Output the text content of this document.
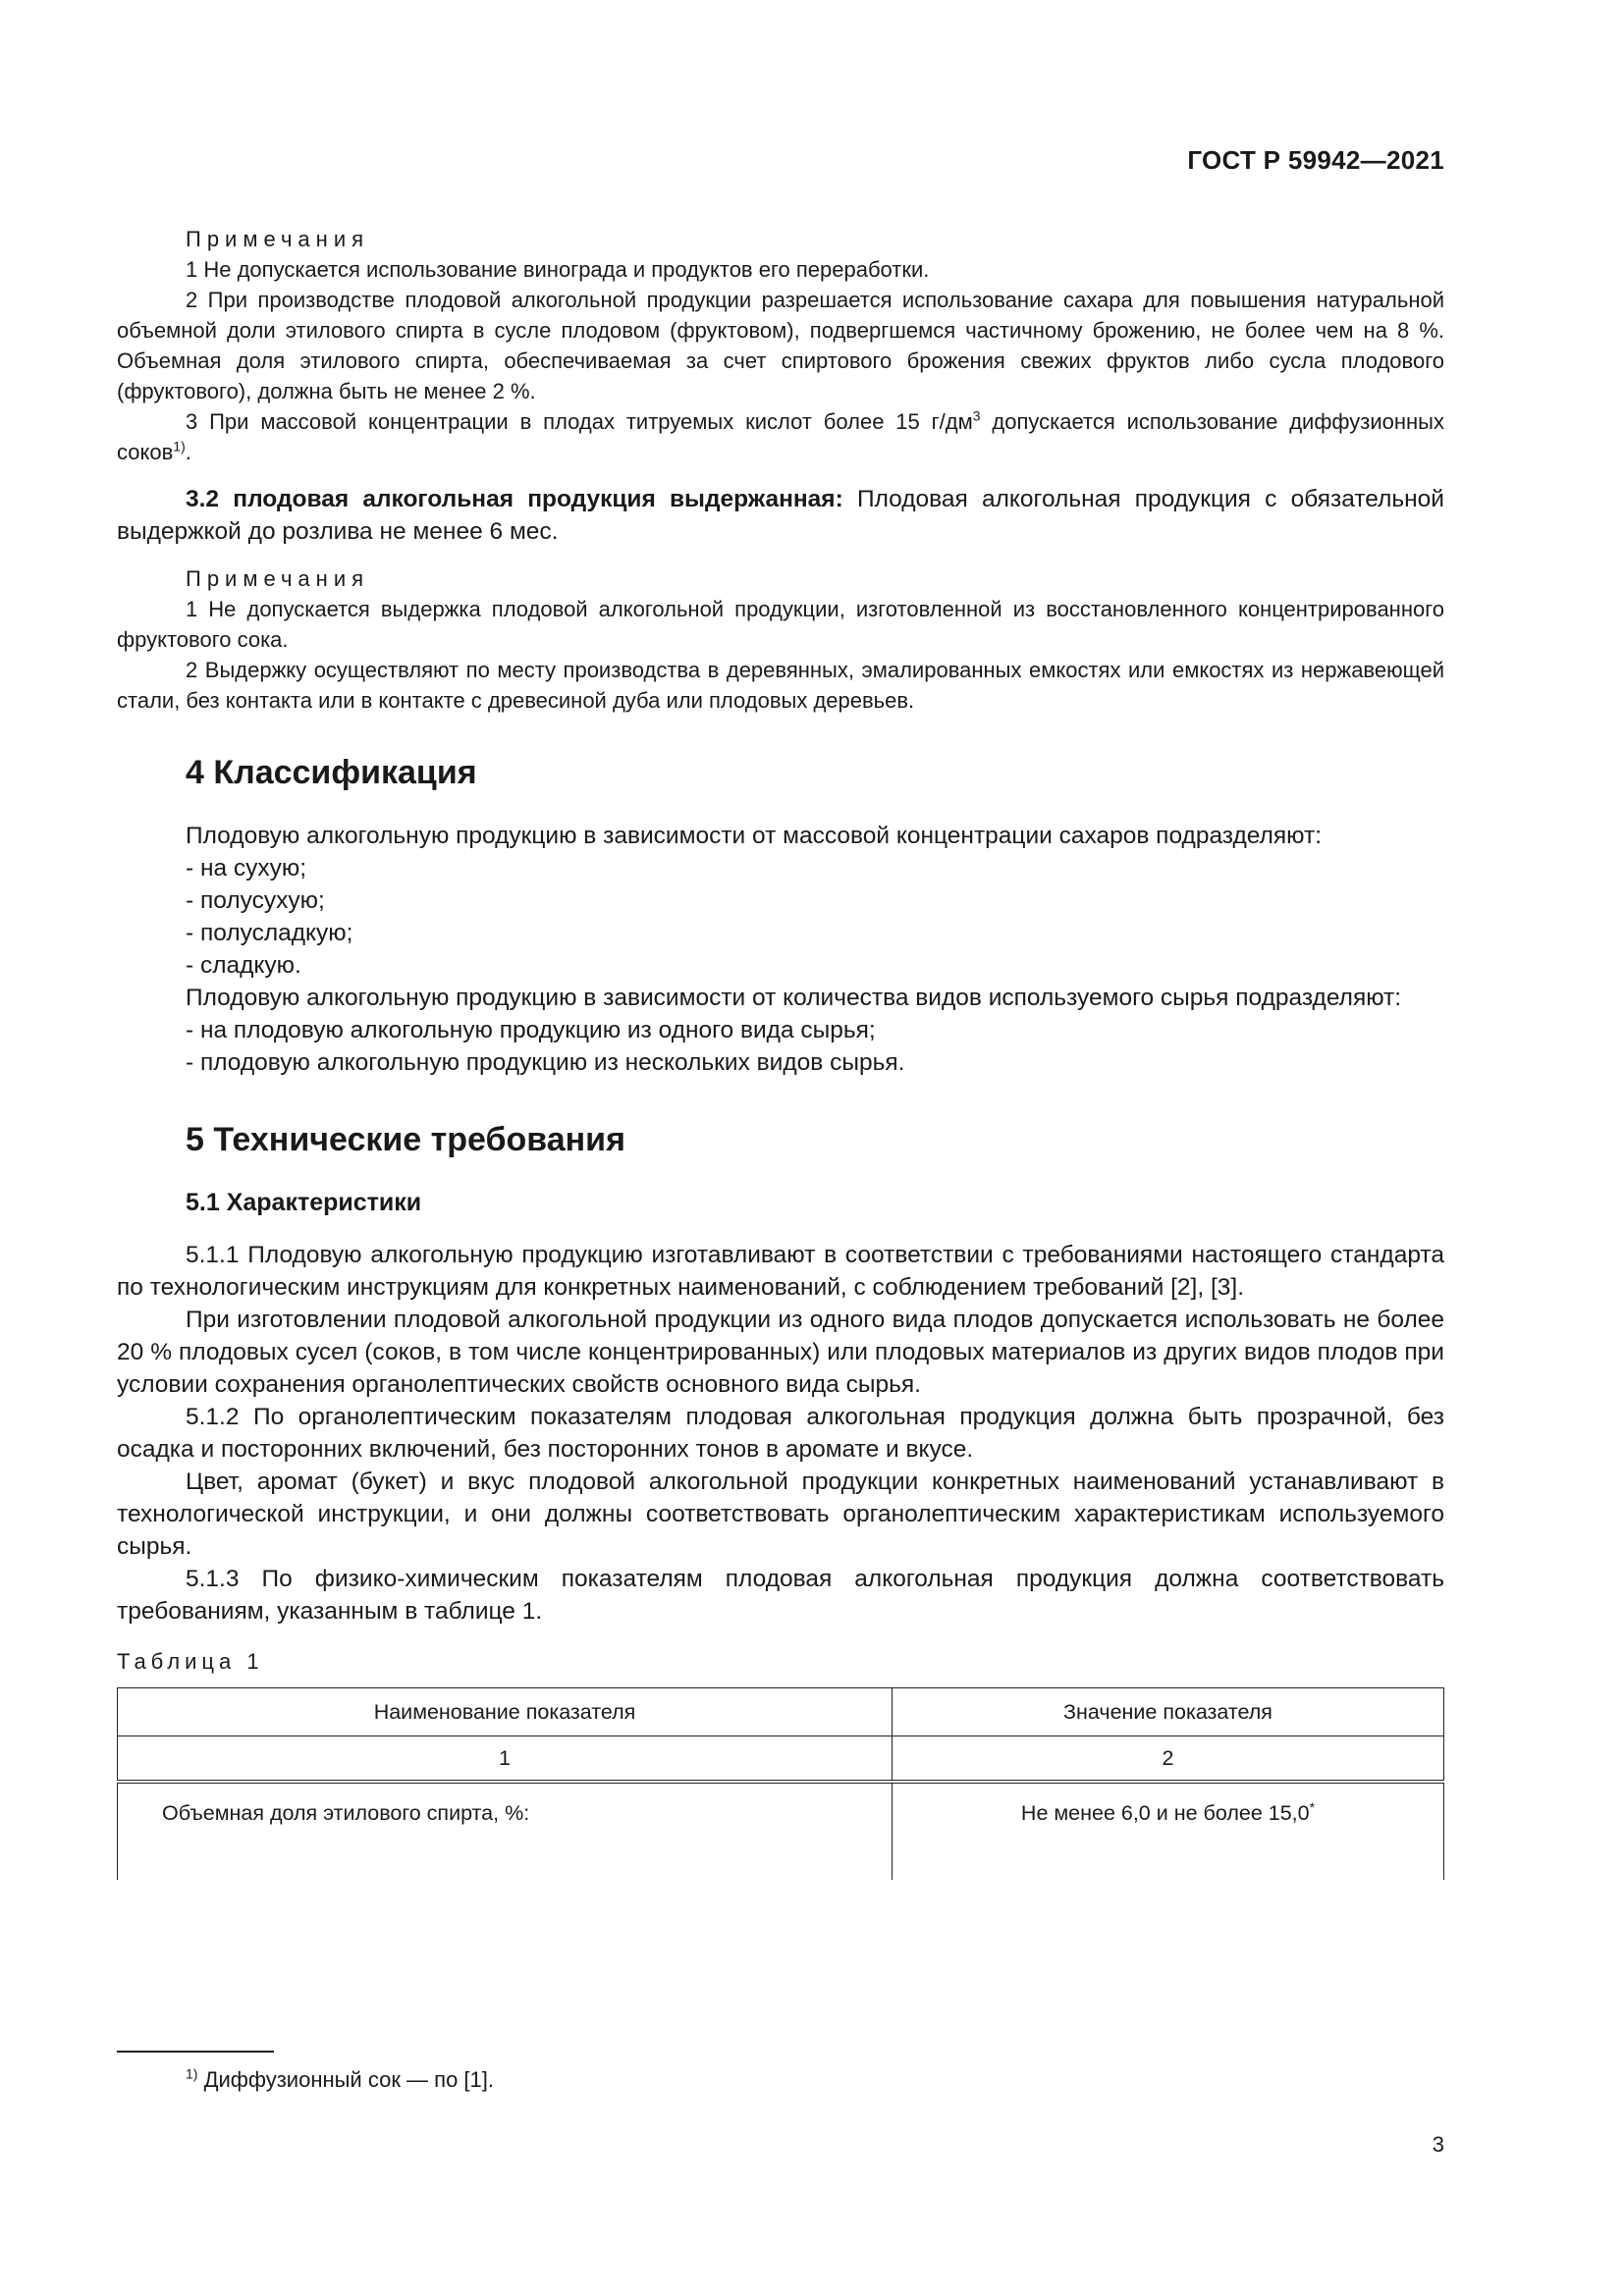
ГОСТ Р 59942—2021
Примечания

1 Не допускается использование винограда и продуктов его переработки.

2 При производстве плодовой алкогольной продукции разрешается использование сахара для повышения натуральной объемной доли этилового спирта в сусле плодовом (фруктовом), подвергшемся частичному брожению, не более чем на 8 %. Объемная доля этилового спирта, обеспечиваемая за счет спиртового брожения свежих фруктов либо сусла плодового (фруктового), должна быть не менее 2 %.

3 При массовой концентрации в плодах титруемых кислот более 15 $г/дм^3$ допускается использование диффузионных соков$^{1)}$.

3.2 плодовая алкогольная продукция выдержанная: Плодовая алкогольная продукция с обязательной выдержкой до розлива не менее 6 мес.

Примечания

1 Не допускается выдержка плодовой алкогольной продукции, изготовленной из восстановленного концентрированного фруктового сока.

2 Выдержку осуществляют по месту производства в деревянных, эмалированных емкостях или емкостях из нержавеющей стали, без контакта или в контакте с древесиной дуба или плодовых деревьев.

4 Классификация

Плодовую алкогольную продукцию в зависимости от массовой концентрации сахаров подразделяют:

- на сухую;
- полусухую;
- полусладкую;
- сладкую.

Плодовую алкогольную продукцию в зависимости от количества видов используемого сырья подразделяют:

- на плодовую алкогольную продукцию из одного вида сырья;
- плодовую алкогольную продукцию из нескольких видов сырья.
5 Технические требования
5.1 Характеристики

5.1.1 Плодовую алкогольную продукцию изготавливают в соответствии с требованиями настоящего стандарта по технологическим инструкциям для конкретных наименований, с соблюдением требований [2], [3].

При изготовлении плодовой алкогольной продукции из одного вида плодов допускается использовать не более 20 % плодовых сусел (соков, в том числе концентрированных) или плодовых материалов из других видов плодов при условии сохранения органолептических свойств основного вида сырья.

5.1.2 По органолептическим показателям плодовая алкогольная продукция должна быть прозрачной, без осадка и посторонних включений, без посторонних тонов в аромате и вкусе.

Цвет, аромат (букет) и вкус плодовой алкогольной продукции конкретных наименований устанавливают в технологической инструкции, и они должны соответствовать органолептическим характеристикам используемого сырья.

5.1.3 По физико-химическим показателям плодовая алкогольная продукция должна соответствовать требованиям, указанным в таблице 1.

Таблица 1
Наименование показателя	Значение показателя
1	2
Объемная доля этилового спирта, %:	Не менее 6,0 и не более 15,0*
$^{1)}$ Диффузионный сок — по [1].
3
